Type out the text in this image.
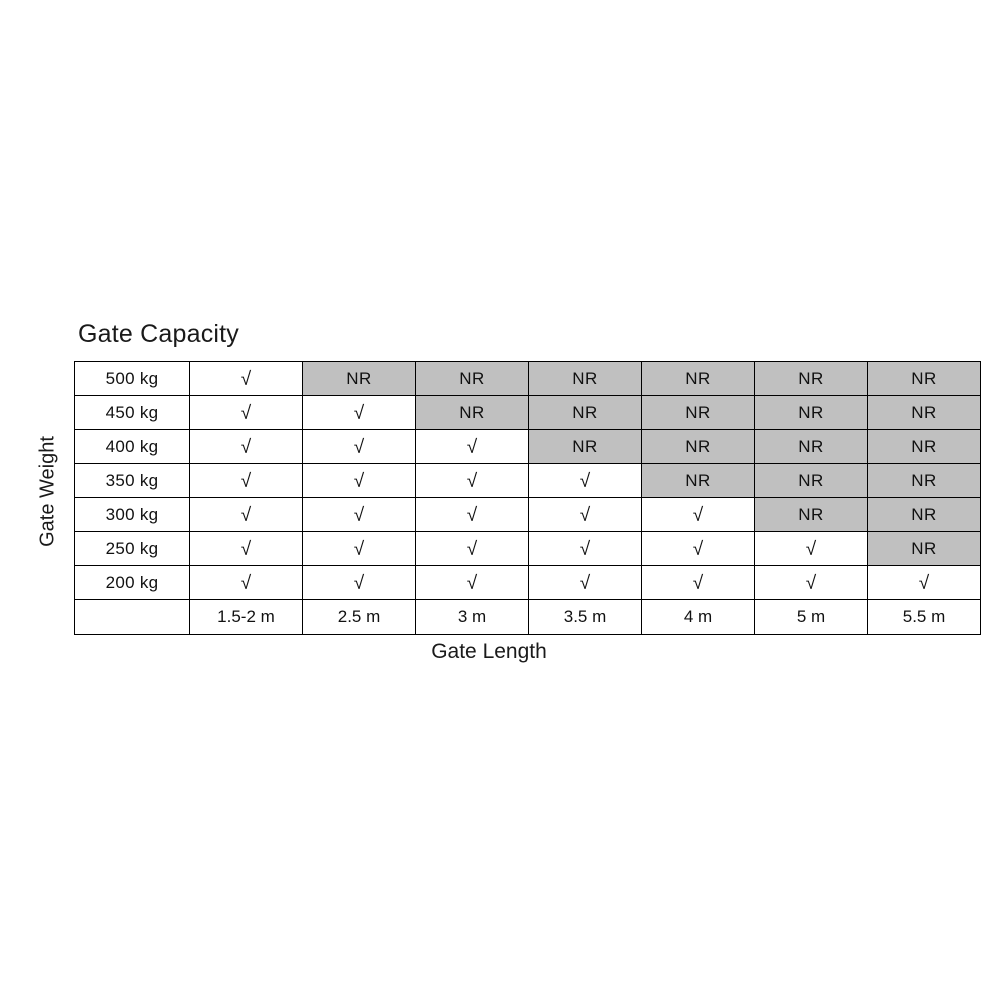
Gate Capacity
Gate Weight
500 kg	√	NR	NR	NR	NR	NR	NR
450 kg	√	√	NR	NR	NR	NR	NR
400 kg	√	√	√	NR	NR	NR	NR
350 kg	√	√	√	√	NR	NR	NR
300 kg	√	√	√	√	√	NR	NR
250 kg	√	√	√	√	√	√	NR
200 kg	√	√	√	√	√	√	√
	1.5-2 m	2.5 m	3 m	3.5 m	4 m	5 m	5.5 m
Gate Length
